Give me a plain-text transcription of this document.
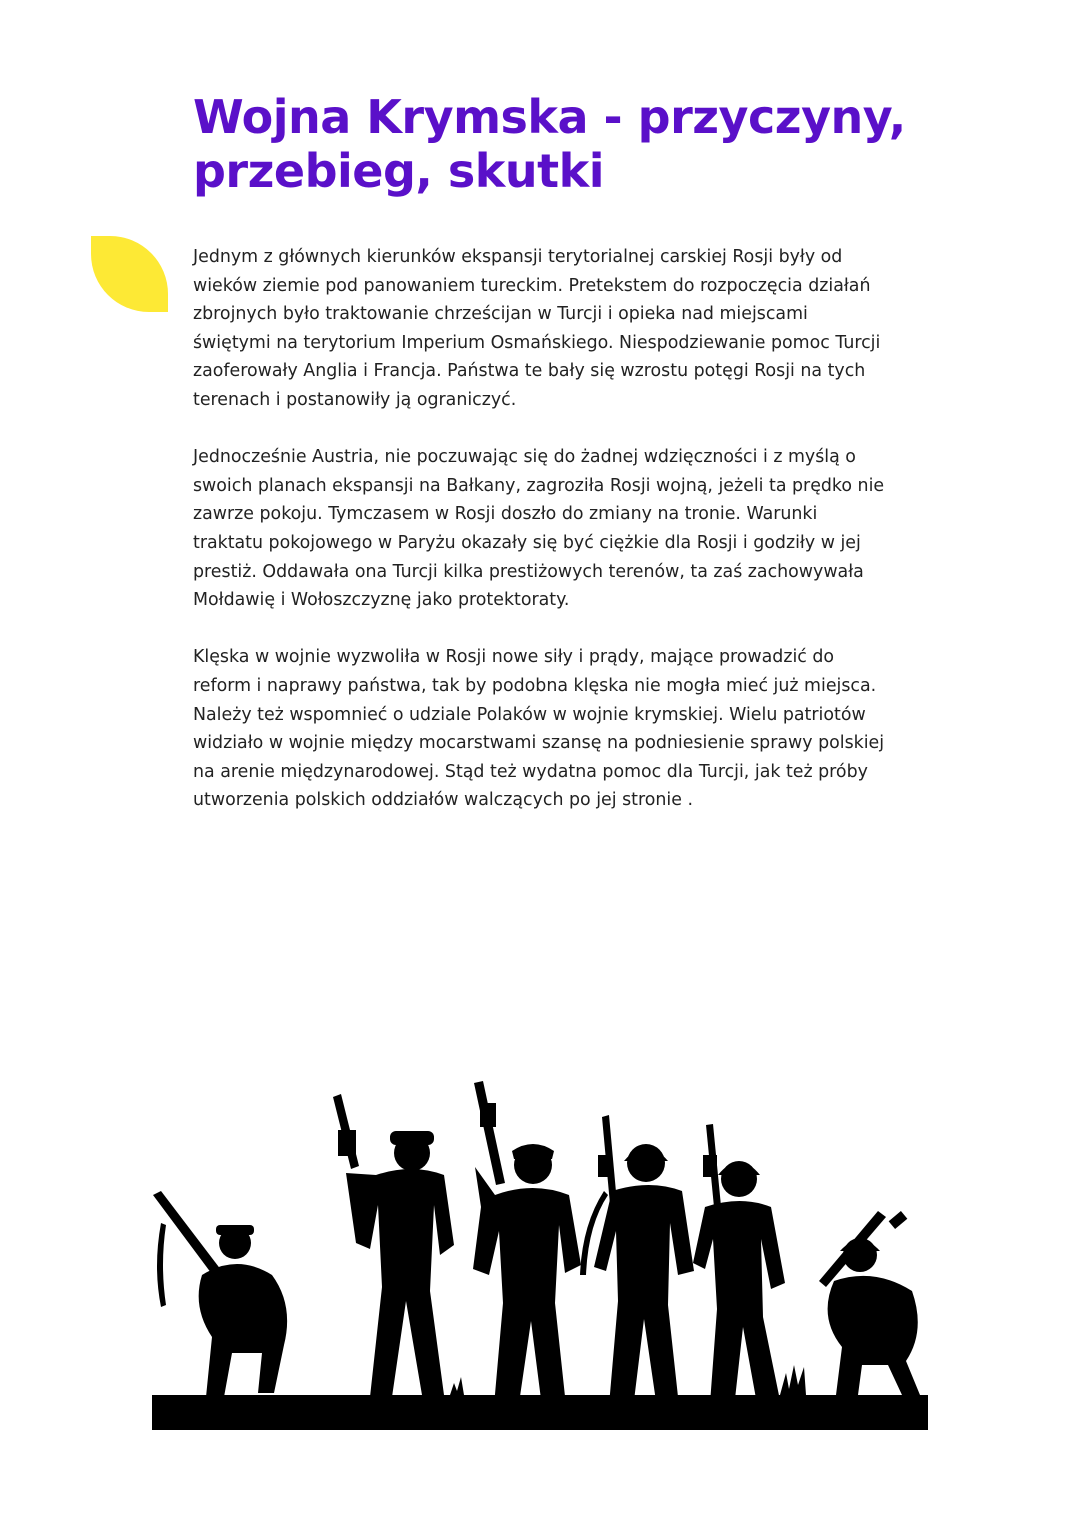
Wojna Krymska - przyczyny,
przebieg, skutki

Jednym z głównych kierunków ekspansji terytorialnej carskiej Rosji były od
wieków ziemie pod panowaniem tureckim. Pretekstem do rozpoczęcia działań
zbrojnych było traktowanie chrześcijan w Turcji i opieka nad miejscami
świętymi na terytorium Imperium Osmańskiego. Niespodziewanie pomoc Turcji
zaoferowały Anglia i Francja. Państwa te bały się wzrostu potęgi Rosji na tych
terenach i postanowiły ją ograniczyć.

Jednocześnie Austria, nie poczuwając się do żadnej wdzięczności i z myślą o
swoich planach ekspansji na Bałkany, zagroziła Rosji wojną, jeżeli ta prędko nie
zawrze pokoju. Tymczasem w Rosji doszło do zmiany na tronie. Warunki
traktatu pokojowego w Paryżu okazały się być ciężkie dla Rosji i godziły w jej
prestiż. Oddawała ona Turcji kilka prestiżowych terenów, ta zaś zachowywała
Mołdawię i Wołoszczyznę jako protektoraty.

Klęska w wojnie wyzwoliła w Rosji nowe siły i prądy, mające prowadzić do
reform i naprawy państwa, tak by podobna klęska nie mogła mieć już miejsca.
Należy też wspomnieć o udziale Polaków w wojnie krymskiej. Wielu patriotów
widziało w wojnie między mocarstwami szansę na podniesienie sprawy polskiej
na arenie międzynarodowej. Stąd też wydatna pomoc dla Turcji, jak też próby
utworzenia polskich oddziałów walczących po jej stronie .
